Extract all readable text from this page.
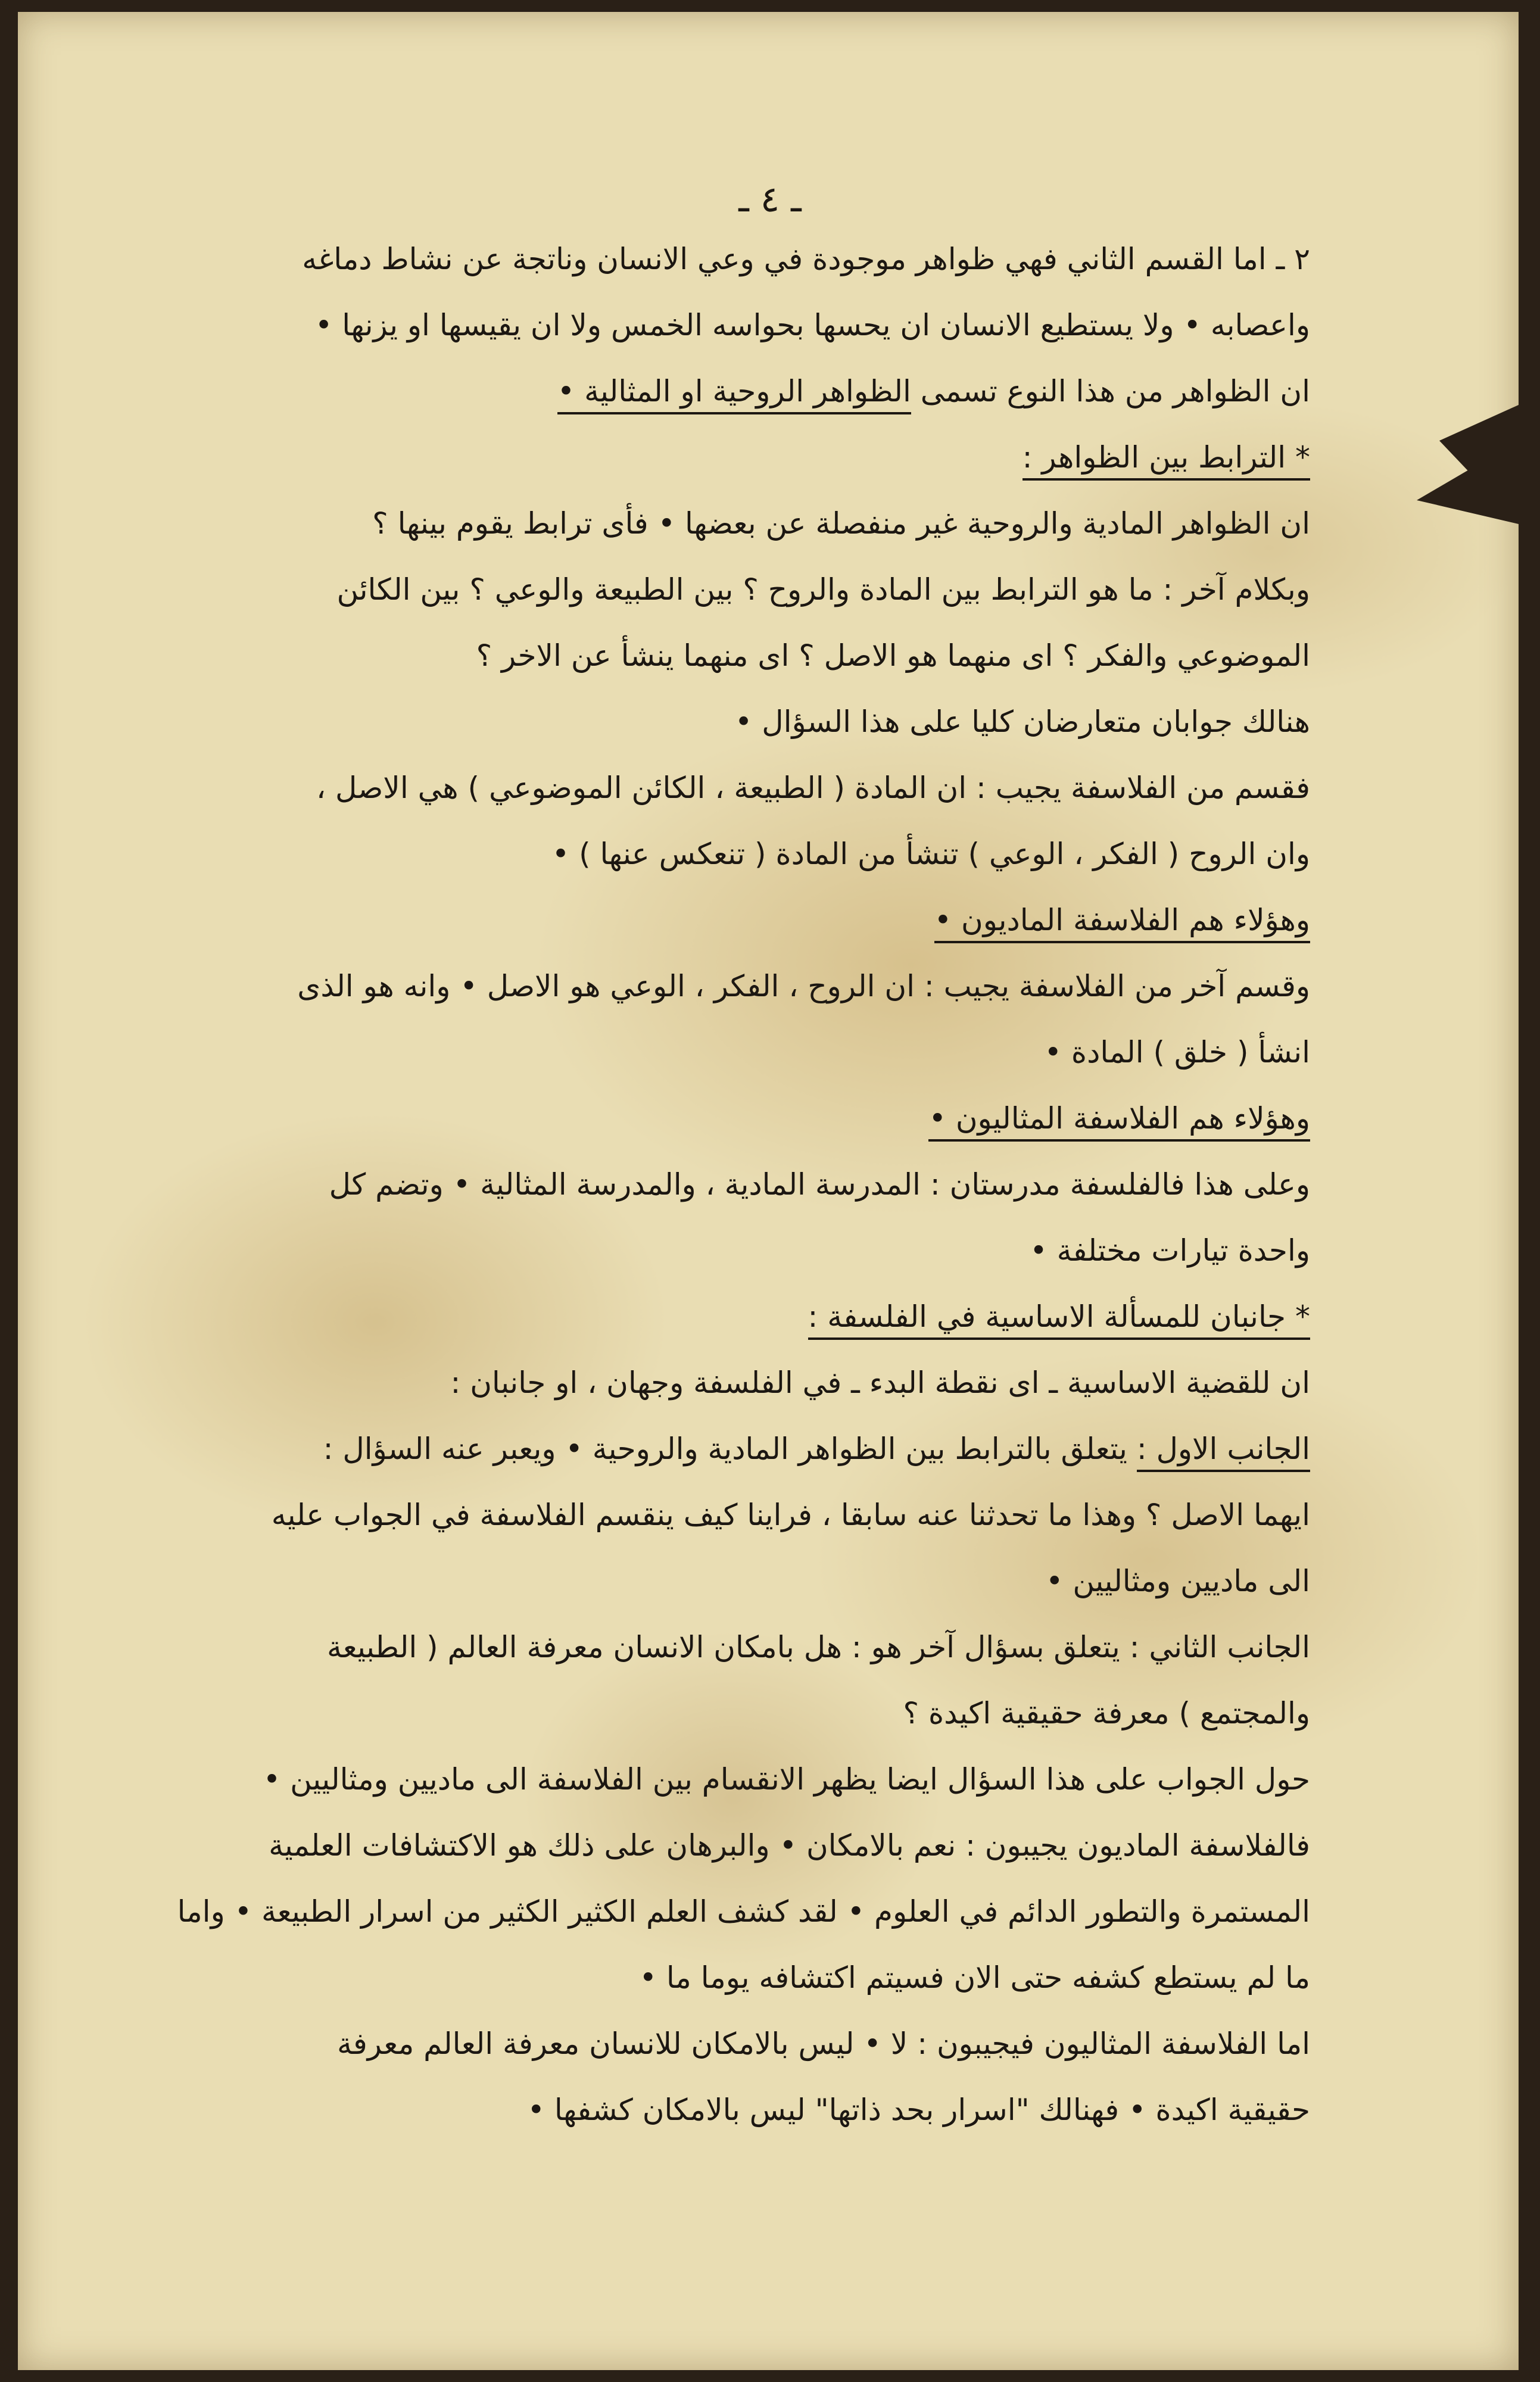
ـ ٤ ـ
٢ ـ اما القسم الثاني فهي ظواهر موجودة في وعي الانسان وناتجة عن نشاط دماغه
واعصابه • ولا يستطيع الانسان ان يحسها بحواسه الخمس ولا ان يقيسها او يزنها •
ان الظواهر من هذا النوع تسمى الظواهر الروحية او المثالية •
* الترابط بين الظواهر :
ان الظواهر المادية والروحية غير منفصلة عن بعضها • فأى ترابط يقوم بينها ؟
وبكلام آخر : ما هو الترابط بين المادة والروح ؟ بين الطبيعة والوعي ؟ بين الكائن
الموضوعي والفكر ؟ اى منهما هو الاصل ؟ اى منهما ينشأ عن الاخر ؟
هنالك جوابان متعارضان كليا على هذا السؤال •
فقسم من الفلاسفة يجيب : ان المادة ( الطبيعة ، الكائن الموضوعي ) هي الاصل ،
وان الروح ( الفكر ، الوعي ) تنشأ من المادة ( تنعكس عنها ) •
وهؤلاء هم الفلاسفة الماديون •
وقسم آخر من الفلاسفة يجيب : ان الروح ، الفكر ، الوعي هو الاصل • وانه هو الذى
انشأ ( خلق ) المادة •
وهؤلاء هم الفلاسفة المثاليون •
وعلى هذا فالفلسفة مدرستان : المدرسة المادية ، والمدرسة المثالية • وتضم كل
واحدة تيارات مختلفة •
* جانبان للمسألة الاساسية في الفلسفة :
ان للقضية الاساسية ـ اى نقطة البدء ـ في الفلسفة وجهان ، او جانبان :
الجانب الاول : يتعلق بالترابط بين الظواهر المادية والروحية • ويعبر عنه السؤال :
ايهما الاصل ؟ وهذا ما تحدثنا عنه سابقا ، فراينا كيف ينقسم الفلاسفة في الجواب عليه
الى ماديين ومثاليين •
الجانب الثاني : يتعلق بسؤال آخر هو : هل بامكان الانسان معرفة العالم ( الطبيعة
والمجتمع ) معرفة حقيقية اكيدة ؟
حول الجواب على هذا السؤال ايضا يظهر الانقسام بين الفلاسفة الى ماديين ومثاليين •
فالفلاسفة الماديون يجيبون : نعم بالامكان • والبرهان على ذلك هو الاكتشافات العلمية
المستمرة والتطور الدائم في العلوم • لقد كشف العلم الكثير الكثير من اسرار الطبيعة • واما
ما لم يستطع كشفه حتى الان فسيتم اكتشافه يوما ما •
اما الفلاسفة المثاليون فيجيبون : لا • ليس بالامكان للانسان معرفة العالم معرفة
حقيقية اكيدة • فهنالك "اسرار بحد ذاتها" ليس بالامكان كشفها •
